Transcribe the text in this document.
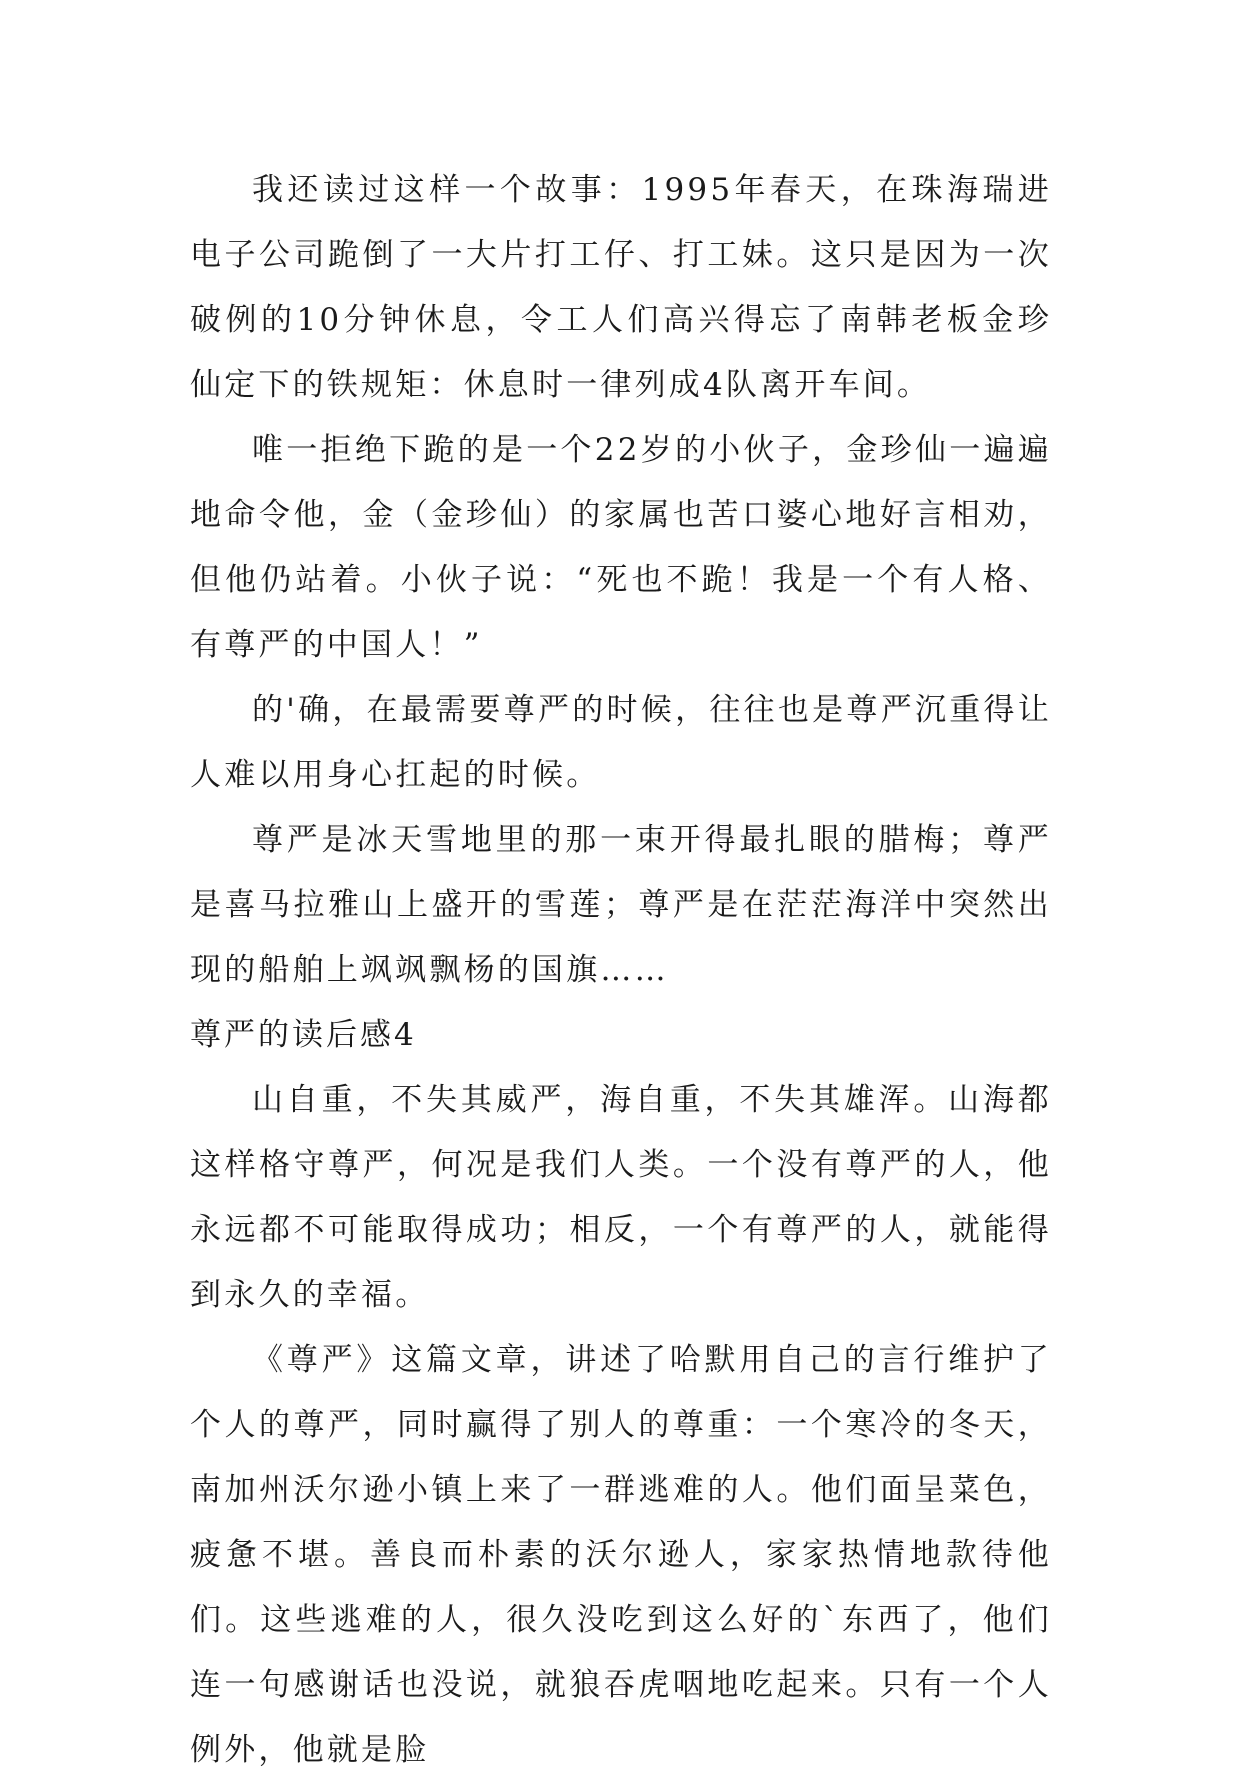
我还读过这样一个故事：1995年春天，在珠海瑞进电子公司跪倒了一大片打工仔、打工妹。这只是因为一次破例的10分钟休息，令工人们高兴得忘了南韩老板金珍仙定下的铁规矩：休息时一律列成4队离开车间。

唯一拒绝下跪的是一个22岁的小伙子，金珍仙一遍遍地命令他，金（金珍仙）的家属也苦口婆心地好言相劝，但他仍站着。小伙子说：“死也不跪！我是一个有人格、有尊严的中国人！”

的'确，在最需要尊严的时候，往往也是尊严沉重得让人难以用身心扛起的时候。

尊严是冰天雪地里的那一束开得最扎眼的腊梅；尊严是喜马拉雅山上盛开的雪莲；尊严是在茫茫海洋中突然出现的船舶上飒飒飘杨的国旗……

尊严的读后感4

山自重，不失其威严，海自重，不失其雄浑。山海都这样格守尊严，何况是我们人类。一个没有尊严的人，他永远都不可能取得成功；相反，一个有尊严的人，就能得到永久的幸福。

《尊严》这篇文章，讲述了哈默用自己的言行维护了个人的尊严，同时赢得了别人的尊重：一个寒冷的冬天，南加州沃尔逊小镇上来了一群逃难的人。他们面呈菜色，疲惫不堪。善良而朴素的沃尔逊人，家家热情地款待他们。这些逃难的人，很久没吃到这么好的`东西了，他们连一句感谢话也没说，就狼吞虎咽地吃起来。只有一个人例外，他就是脸
